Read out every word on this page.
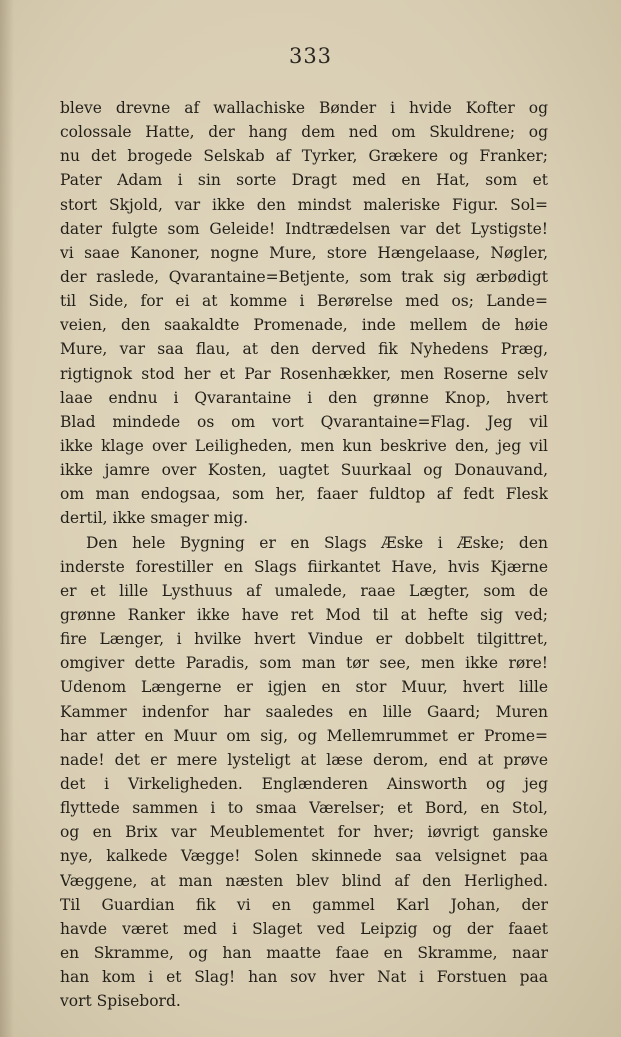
333
blеvе drevne af wallachiske Bønder i hvide Kofter og
colossale Hatte, der hang dem ned om Skuldrene; og
nu det brogede Selskab af Tyrker, Grækere og Franker;
Pater Adam i sin sorte Dragt med en Hat, som et
stort Skjold, var ikke den mindst maleriske Figur. Sol=
dater fulgte som Geleide! Indtrædelsen var det Lystigste!
vi saae Kanoner, nogne Mure, store Hængelaase, Nøgler,
der raslede, Qvarantaine=Betjente, som trak sig ærbødigt
til Side, for ei at komme i Berørelse med os; Lande=
veien, den saakaldte Promenade, inde mellem de høie
Mure, var saa flau, at den derved fik Nyhedens Præg,
rigtignok stod her et Par Rosenhækker, men Roserne selv
laae endnu i Qvarantaine i den grønne Knop, hvert
Blad mindede os om vort Qvarantaine=Flag. Jeg vil
ikke klage over Leiligheden, men kun beskrive den, jeg vil
ikke jamre over Kosten, uagtet Suurkaal og Donauvand,
om man endogsaa, som her, faaer fuldtop af fedt Flesk
dertil, ikke smager mig.
Den hele Bygning er en Slags Æske i Æske; den
inderste forestiller en Slags fiirkantet Have, hvis Kjærne
er et lille Lysthuus af umalede, raae Lægter, som de
grønne Ranker ikke have ret Mod til at hefte sig ved;
fire Længer, i hvilke hvert Vindue er dobbelt tilgittret,
omgiver dette Paradis, som man tør see, men ikke røre!
Udenom Længerne er igjen en stor Muur, hvert lille
Kammer indenfor har saaledes en lille Gaard; Muren
har atter en Muur om sig, og Mellemrummet er Prome=
nade! det er mere lysteligt at læse derom, end at prøve
det i Virkeligheden. Englænderen Ainsworth og jeg
flyttede sammen i to smaa Værelser; et Bord, en Stol,
og en Brix var Meublementet for hver; iøvrigt ganske
nye, kalkede Vægge! Solen skinnede saa velsignet paa
Væggene, at man næsten blev blind af den Herlighed.
Til Guardian fik vi en gammel Karl Johan, der
havde været med i Slaget ved Leipzig og der faaet
en Skramme, og han maatte faae en Skramme, naar
han kom i et Slag! han sov hver Nat i Forstuen paa
vort Spisebord.
